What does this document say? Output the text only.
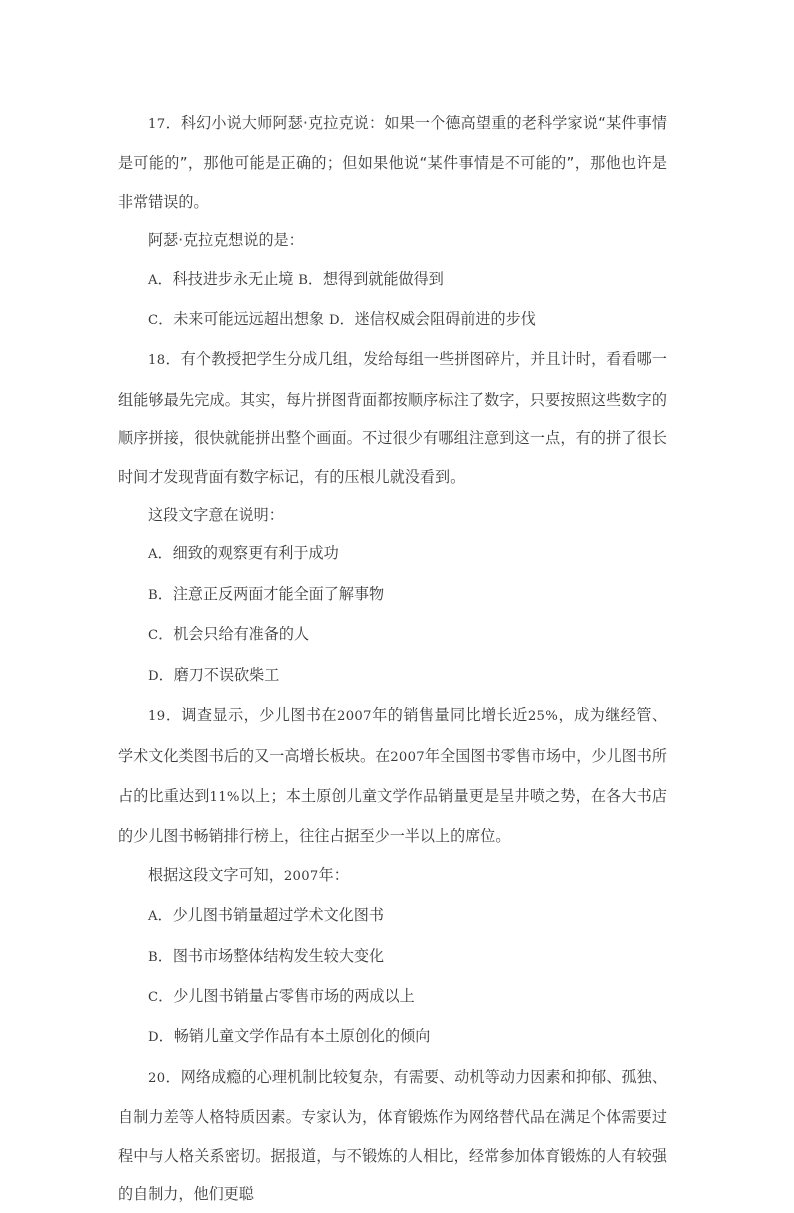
17．科幻小说大师阿瑟·克拉克说：如果一个德高望重的老科学家说“某件事情是可能的”，那他可能是正确的；但如果他说“某件事情是不可能的”，那他也许是非常错误的。

阿瑟·克拉克想说的是：

A．科技进步永无止境 B．想得到就能做得到

C．未来可能远远超出想象 D．迷信权威会阻碍前进的步伐

18．有个教授把学生分成几组，发给每组一些拼图碎片，并且计时，看看哪一组能够最先完成。其实，每片拼图背面都按顺序标注了数字，只要按照这些数字的顺序拼接，很快就能拼出整个画面。不过很少有哪组注意到这一点，有的拼了很长时间才发现背面有数字标记，有的压根儿就没看到。

这段文字意在说明：

A．细致的观察更有利于成功

B．注意正反两面才能全面了解事物

C．机会只给有准备的人

D．磨刀不误砍柴工

19．调查显示，少儿图书在2007年的销售量同比增长近25%，成为继经管、学术文化类图书后的又一高增长板块。在2007年全国图书零售市场中，少儿图书所占的比重达到11%以上；本土原创儿童文学作品销量更是呈井喷之势，在各大书店的少儿图书畅销排行榜上，往往占据至少一半以上的席位。

根据这段文字可知，2007年：

A．少儿图书销量超过学术文化图书

B．图书市场整体结构发生较大变化

C．少儿图书销量占零售市场的两成以上

D．畅销儿童文学作品有本土原创化的倾向

20．网络成瘾的心理机制比较复杂，有需要、动机等动力因素和抑郁、孤独、自制力差等人格特质因素。专家认为，体育锻炼作为网络替代品在满足个体需要过程中与人格关系密切。据报道，与不锻炼的人相比，经常参加体育锻炼的人有较强的自制力，他们更聪
